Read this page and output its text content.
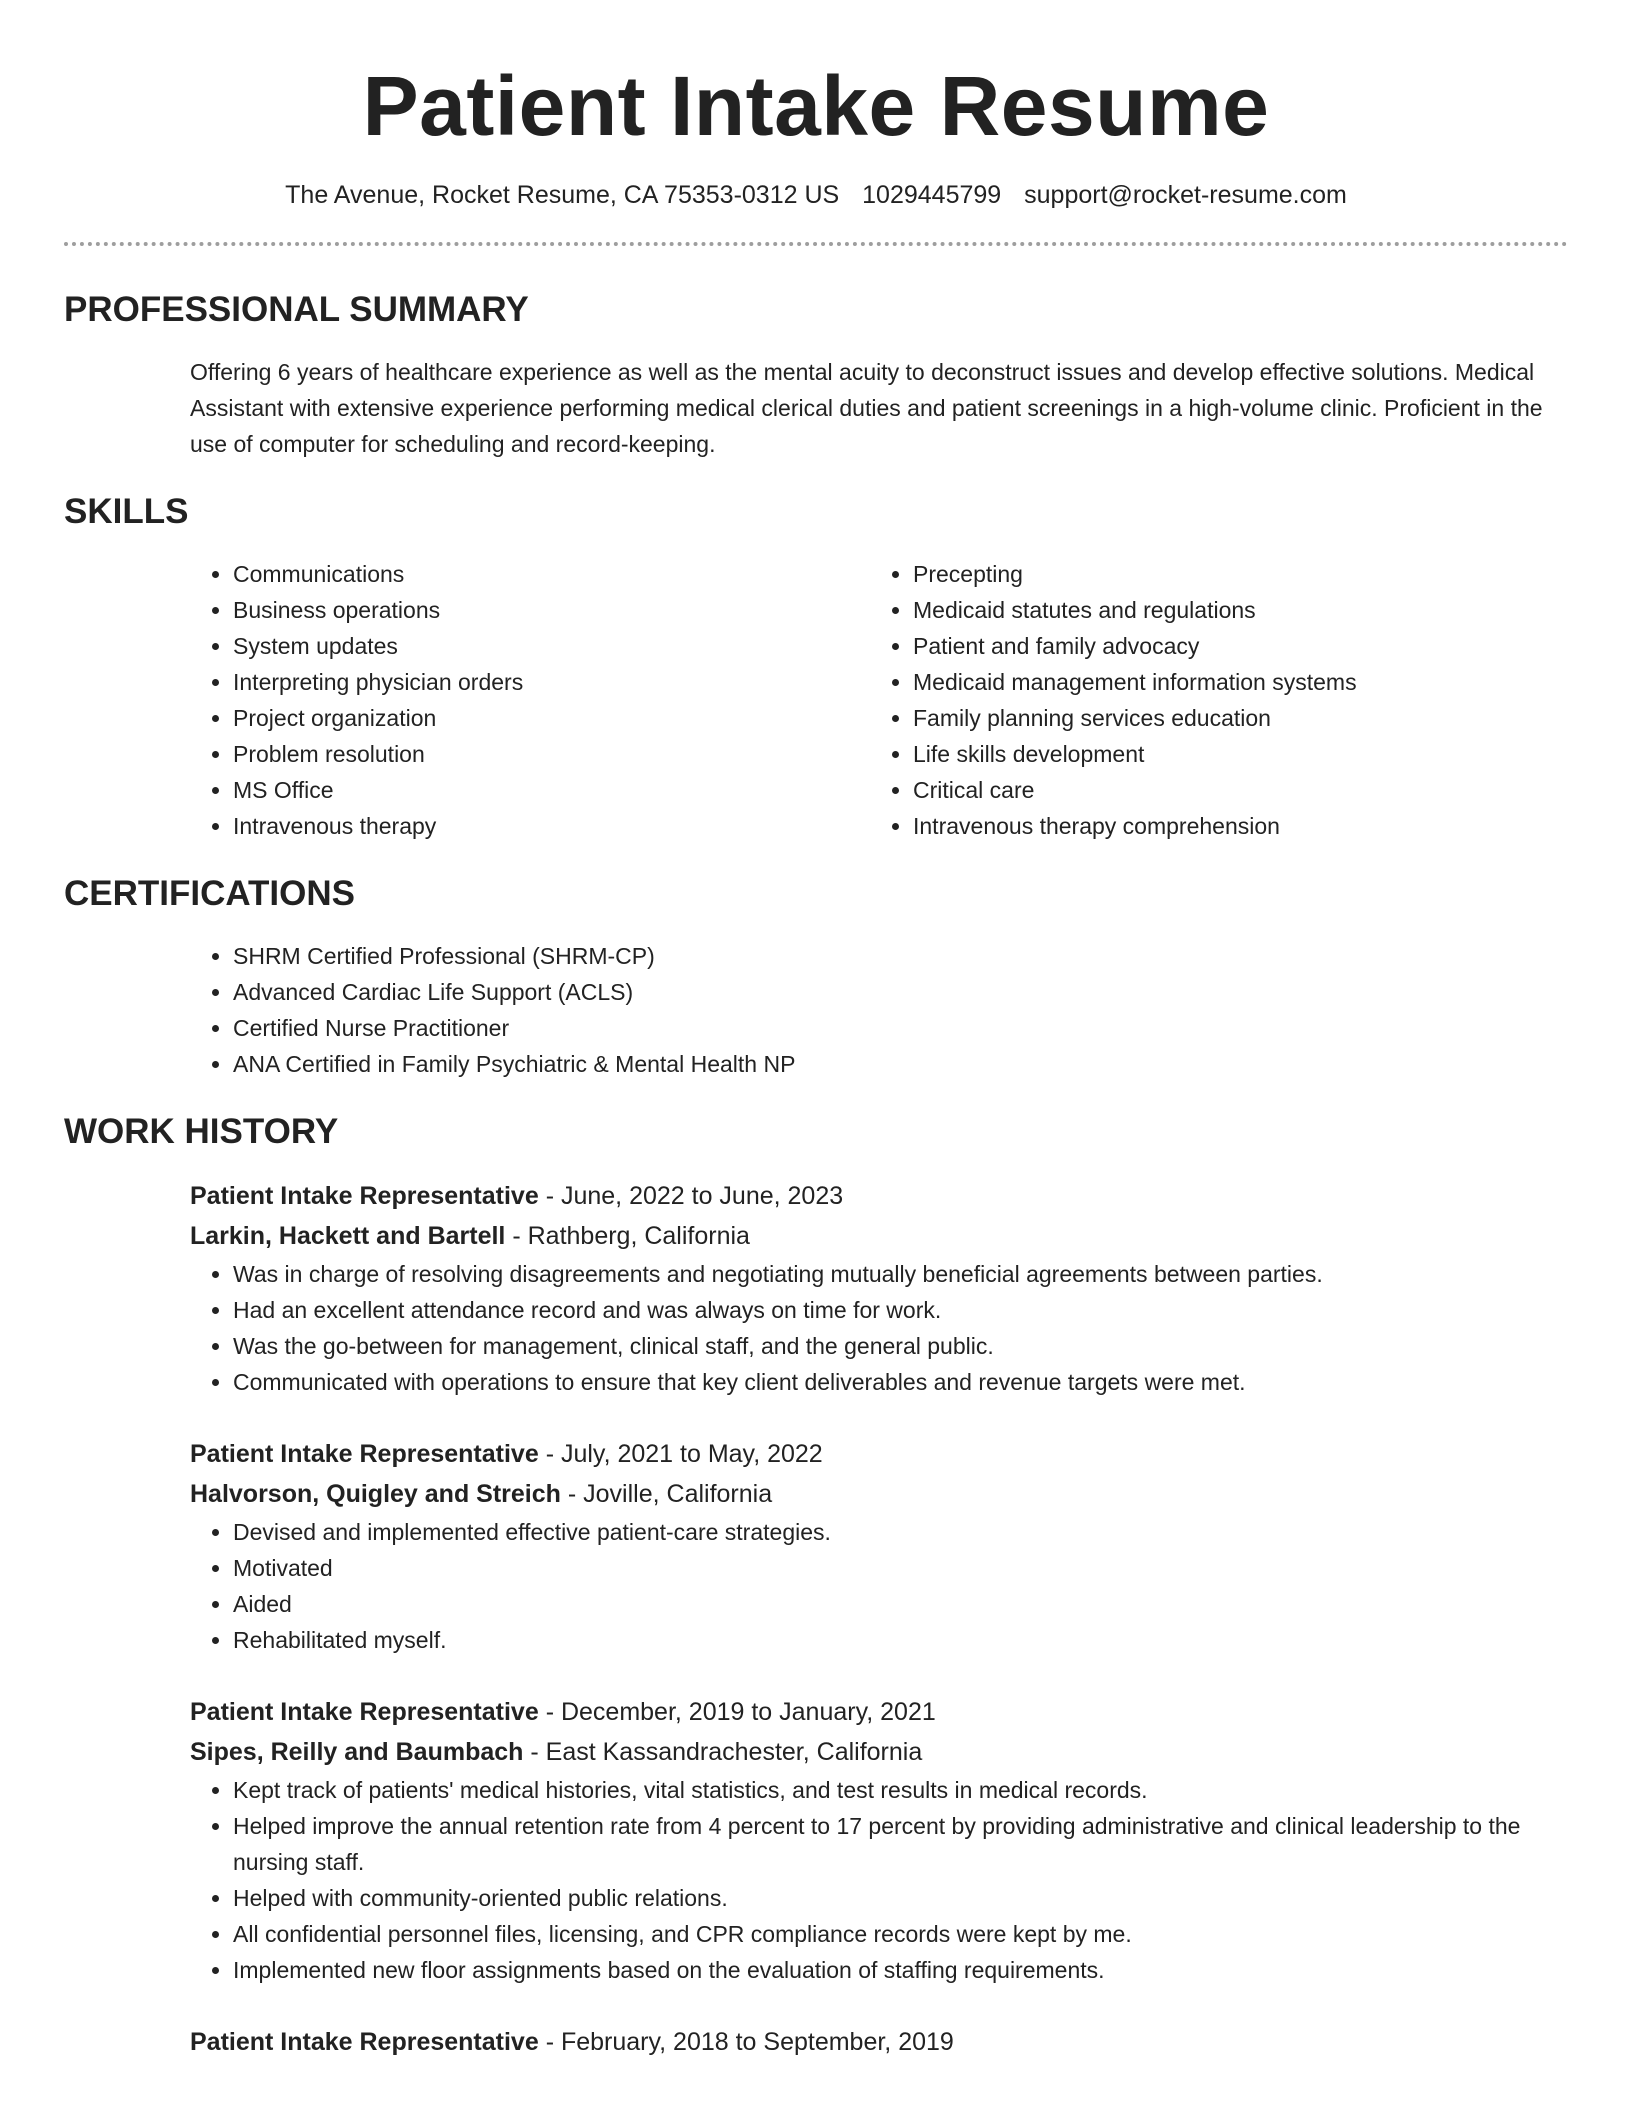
Patient Intake Resume
The Avenue, Rocket Resume, CA 75353-0312 US 1029445799 support@rocket-resume.com
PROFESSIONAL SUMMARY
Offering 6 years of healthcare experience as well as the mental acuity to deconstruct issues and develop effective solutions. Medical Assistant with extensive experience performing medical clerical duties and patient screenings in a high-volume clinic. Proficient in the use of computer for scheduling and record-keeping.
SKILLS
• Communications
• Business operations
• System updates
• Interpreting physician orders
• Project organization
• Problem resolution
• MS Office
• Intravenous therapy
• Precepting
• Medicaid statutes and regulations
• Patient and family advocacy
• Medicaid management information systems
• Family planning services education
• Life skills development
• Critical care
• Intravenous therapy comprehension
CERTIFICATIONS
• SHRM Certified Professional (SHRM-CP)
• Advanced Cardiac Life Support (ACLS)
• Certified Nurse Practitioner
• ANA Certified in Family Psychiatric & Mental Health NP
WORK HISTORY
Patient Intake Representative - June, 2022 to June, 2023
Larkin, Hackett and Bartell - Rathberg, California
• Was in charge of resolving disagreements and negotiating mutually beneficial agreements between parties.
• Had an excellent attendance record and was always on time for work.
• Was the go-between for management, clinical staff, and the general public.
• Communicated with operations to ensure that key client deliverables and revenue targets were met.
Patient Intake Representative - July, 2021 to May, 2022
Halvorson, Quigley and Streich - Joville, California
• Devised and implemented effective patient-care strategies.
• Motivated
• Aided
• Rehabilitated myself.
Patient Intake Representative - December, 2019 to January, 2021
Sipes, Reilly and Baumbach - East Kassandrachester, California
• Kept track of patients' medical histories, vital statistics, and test results in medical records.
• Helped improve the annual retention rate from 4 percent to 17 percent by providing administrative and clinical leadership to the nursing staff.
• Helped with community-oriented public relations.
• All confidential personnel files, licensing, and CPR compliance records were kept by me.
• Implemented new floor assignments based on the evaluation of staffing requirements.
Patient Intake Representative - February, 2018 to September, 2019
